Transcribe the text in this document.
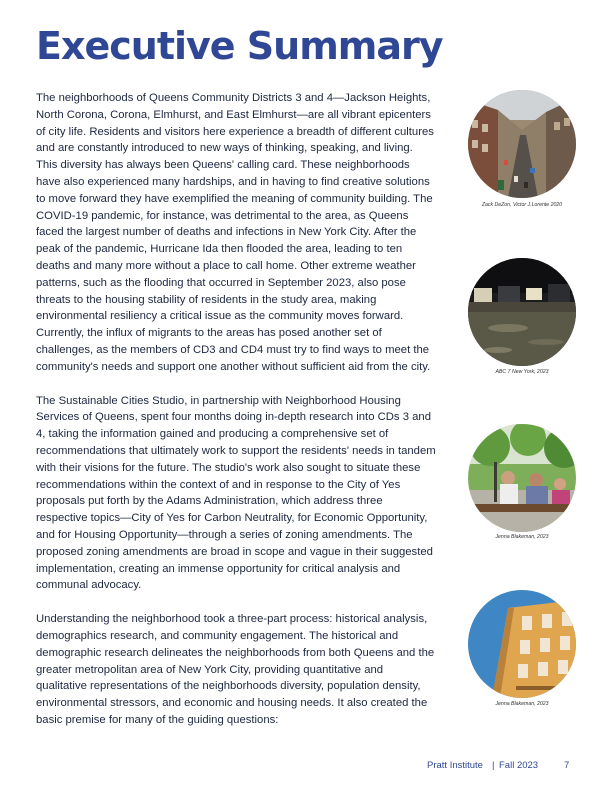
Executive Summary

The neighborhoods of Queens Community Districts 3 and 4—Jackson Heights, North Corona, Corona, Elmhurst, and East Elmhurst—are all vibrant epicenters of city life. Residents and visitors here experience a breadth of different cultures and are constantly introduced to new ways of thinking, speaking, and living. This diversity has always been Queens' calling card. These neighborhoods have also experienced many hardships, and in having to find creative solutions to move forward they have exemplified the meaning of community building. The COVID-19 pandemic, for instance, was detrimental to the area, as Queens faced the largest number of deaths and infections in New York City. After the peak of the pandemic, Hurricane Ida then flooded the area, leading to ten deaths and many more without a place to call home. Other extreme weather patterns, such as the flooding that occurred in September 2023, also pose threats to the housing stability of residents in the study area, making environmental resiliency a critical issue as the community moves forward. Currently, the influx of migrants to the areas has posed another set of challenges, as the members of CD3 and CD4 must try to find ways to meet the community's needs and support one another without sufficient aid from the city.

The Sustainable Cities Studio, in partnership with Neighborhood Housing Services of Queens, spent four months doing in-depth research into CDs 3 and 4, taking the information gained and producing a comprehensive set of recommendations that ultimately work to support the residents' needs in tandem with their visions for the future. The studio's work also sought to situate these recommendations within the context of and in response to the City of Yes proposals put forth by the Adams Administration, which address three respective topics—City of Yes for Carbon Neutrality, for Economic Opportunity, and for Housing Opportunity—through a series of zoning amendments. The proposed zoning amendments are broad in scope and vague in their suggested implementation, creating an immense opportunity for critical analysis and communal advocacy.

Understanding the neighborhood took a three-part process: historical analysis, demographics research, and community engagement. The historical and demographic research delineates the neighborhoods from both Queens and the greater metropolitan area of New York City, providing quantitative and qualitative representations of the neighborhoods diversity, population density, environmental stressors, and economic and housing needs. It also created the basic premise for many of the guiding questions:

Zack DeZon, Victor J.Lorente 2020
ABC 7 New York, 2023
Jenna Blakeman, 2023
Jenna Blakeman, 2023
Pratt Institute | Fall 2023	7
